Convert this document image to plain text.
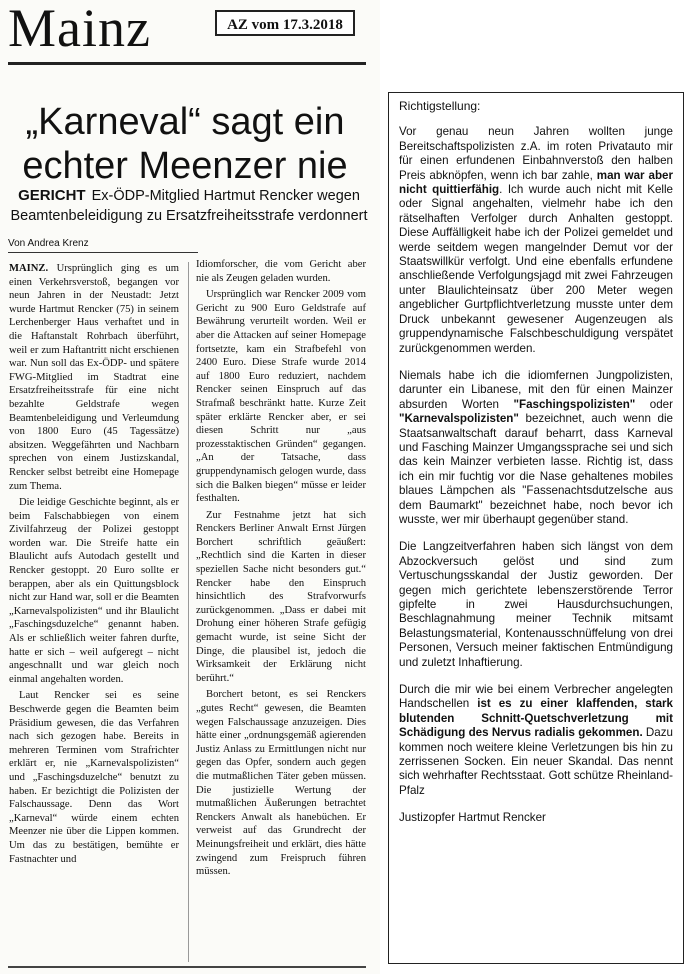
Mainz	AZ vom 17.3.2018
„Karneval“ sagt ein
echter Meenzer nie
GERICHT Ex-ÖDP-Mitglied Hartmut Rencker wegen Beamtenbeleidigung zu Ersatzfreiheitsstrafe verdonnert
Von Andrea Krenz

MAINZ. Ursprünglich ging es um einen Verkehrsverstoß, begangen vor neun Jahren in der Neustadt: Jetzt wurde Hartmut Rencker (75) in seinem Lerchenberger Haus verhaftet und in die Haftanstalt Rohrbach überführt, weil er zum Haftantritt nicht erschienen war. Nun soll das Ex-ÖDP- und spätere FWG-Mitglied im Stadtrat eine Ersatzfreiheitsstrafe für eine nicht bezahlte Geldstrafe wegen Beamtenbeleidigung und Verleumdung von 1800 Euro (45 Tagessätze) absitzen. Weggefährten und Nachbarn sprechen von einem Justizskandal, Rencker selbst betreibt eine Homepage zum Thema.

Die leidige Geschichte beginnt, als er beim Falschabbiegen von einem Zivilfahrzeug der Polizei gestoppt worden war. Die Streife hatte ein Blaulicht aufs Autodach gestellt und Rencker gestoppt. 20 Euro sollte er berappen, aber als ein Quittungsblock nicht zur Hand war, soll er die Beamten „Karnevalspolizisten“ und ihr Blaulicht „Faschingsduzelche“ genannt haben. Als er schließlich weiter fahren durfte, hatte er sich – weil aufgeregt – nicht angeschnallt und war gleich noch einmal angehalten worden.

Laut Rencker sei es seine Beschwerde gegen die Beamten beim Präsidium gewesen, die das Verfahren nach sich gezogen habe. Bereits in mehreren Terminen vom Strafrichter erklärt er, nie „Karnevalspolizisten“ und „Faschingsduzelche“ benutzt zu haben. Er bezichtigt die Polizisten der Falschaussage. Denn das Wort „Karneval“ würde einem echten Meenzer nie über die Lippen kommen. Um das zu bestätigen, bemühte er Fastnachter und

Idiomforscher, die vom Gericht aber nie als Zeugen geladen wurden.

Ursprünglich war Rencker 2009 vom Gericht zu 900 Euro Geldstrafe auf Bewährung verurteilt worden. Weil er aber die Attacken auf seiner Homepage fortsetzte, kam ein Strafbefehl von 2400 Euro. Diese Strafe wurde 2014 auf 1800 Euro reduziert, nachdem Rencker seinen Einspruch auf das Strafmaß beschränkt hatte. Kurze Zeit später erklärte Rencker aber, er sei diesen Schritt nur „aus prozesstaktischen Gründen“ gegangen. „An der Tatsache, dass gruppendynamisch gelogen wurde, dass sich die Balken biegen“ müsse er leider festhalten.

Zur Festnahme jetzt hat sich Renckers Berliner Anwalt Ernst Jürgen Borchert schriftlich geäußert: „Rechtlich sind die Karten in dieser speziellen Sache nicht besonders gut.“ Rencker habe den Einspruch hinsichtlich des Strafvorwurfs zurückgenommen. „Dass er dabei mit Drohung einer höheren Strafe gefügig gemacht wurde, ist seine Sicht der Dinge, die plausibel ist, jedoch die Wirksamkeit der Erklärung nicht berührt.“

Borchert betont, es sei Renckers „gutes Recht“ gewesen, die Beamten wegen Falschaussage anzuzeigen. Dies hätte einer „ordnungsgemäß agierenden Justiz Anlass zu Ermittlungen nicht nur gegen das Opfer, sondern auch gegen die mutmaßlichen Täter geben müssen. Die justizielle Wertung der mutmaßlichen Äußerungen betrachtet Renckers Anwalt als hanebüchen. Er verweist auf das Grundrecht der Meinungsfreiheit und erklärt, dies hätte zwingend zum Freispruch führen müssen.

Richtigstellung:

Vor genau neun Jahren wollten junge Bereitschaftspolizisten z.A. im roten Privatauto mir für einen erfundenen Einbahnverstoß den halben Preis abknöpfen, wenn ich bar zahle, man war aber nicht quittierfähig. Ich wurde auch nicht mit Kelle oder Signal angehalten, vielmehr habe ich den rätselhaften Verfolger durch Anhalten gestoppt. Diese Auffälligkeit habe ich der Polizei gemeldet und werde seitdem wegen mangelnder Demut vor der Staatswillkür verfolgt. Und eine ebenfalls erfundene anschließende Verfolgungsjagd mit zwei Fahrzeugen unter Blaulichteinsatz über 200 Meter wegen angeblicher Gurtpflichtverletzung musste unter dem Druck unbekannt gewesener Augenzeugen als gruppendynamische Falschbeschuldigung verspätet zurückgenommen werden.

Niemals habe ich die idiomfernen Jungpolizisten, darunter ein Libanese, mit den für einen Mainzer absurden Worten "Faschingspolizisten" oder "Karnevalspolizisten" bezeichnet, auch wenn die Staatsanwaltschaft darauf beharrt, dass Karneval und Fasching Mainzer Umgangssprache sei und sich das kein Mainzer verbieten lasse. Richtig ist, dass ich ein mir fuchtig vor die Nase gehaltenes mobiles blaues Lämpchen als "Fassenachtsdutzelsche aus dem Baumarkt" bezeichnet habe, noch bevor ich wusste, wer mir überhaupt gegenüber stand.

Die Langzeitverfahren haben sich längst von dem Abzockversuch gelöst und sind zum Vertuschungsskandal der Justiz geworden. Der gegen mich gerichtete lebenszerstörende Terror gipfelte in zwei Hausdurchsuchungen, Beschlagnahmung meiner Technik mitsamt Belastungsmaterial, Kontenausschnüffelung von drei Personen, Versuch meiner faktischen Entmündigung und zuletzt Inhaftierung.

Durch die mir wie bei einem Verbrecher angelegten Handschellen ist es zu einer klaffenden, stark blutenden Schnitt-Quetschverletzung mit Schädigung des Nervus radialis gekommen. Dazu kommen noch weitere kleine Verletzungen bis hin zu zerrissenen Socken. Ein neuer Skandal. Das nennt sich wehrhafter Rechtsstaat. Gott schütze Rheinland-Pfalz

Justizopfer Hartmut Rencker
